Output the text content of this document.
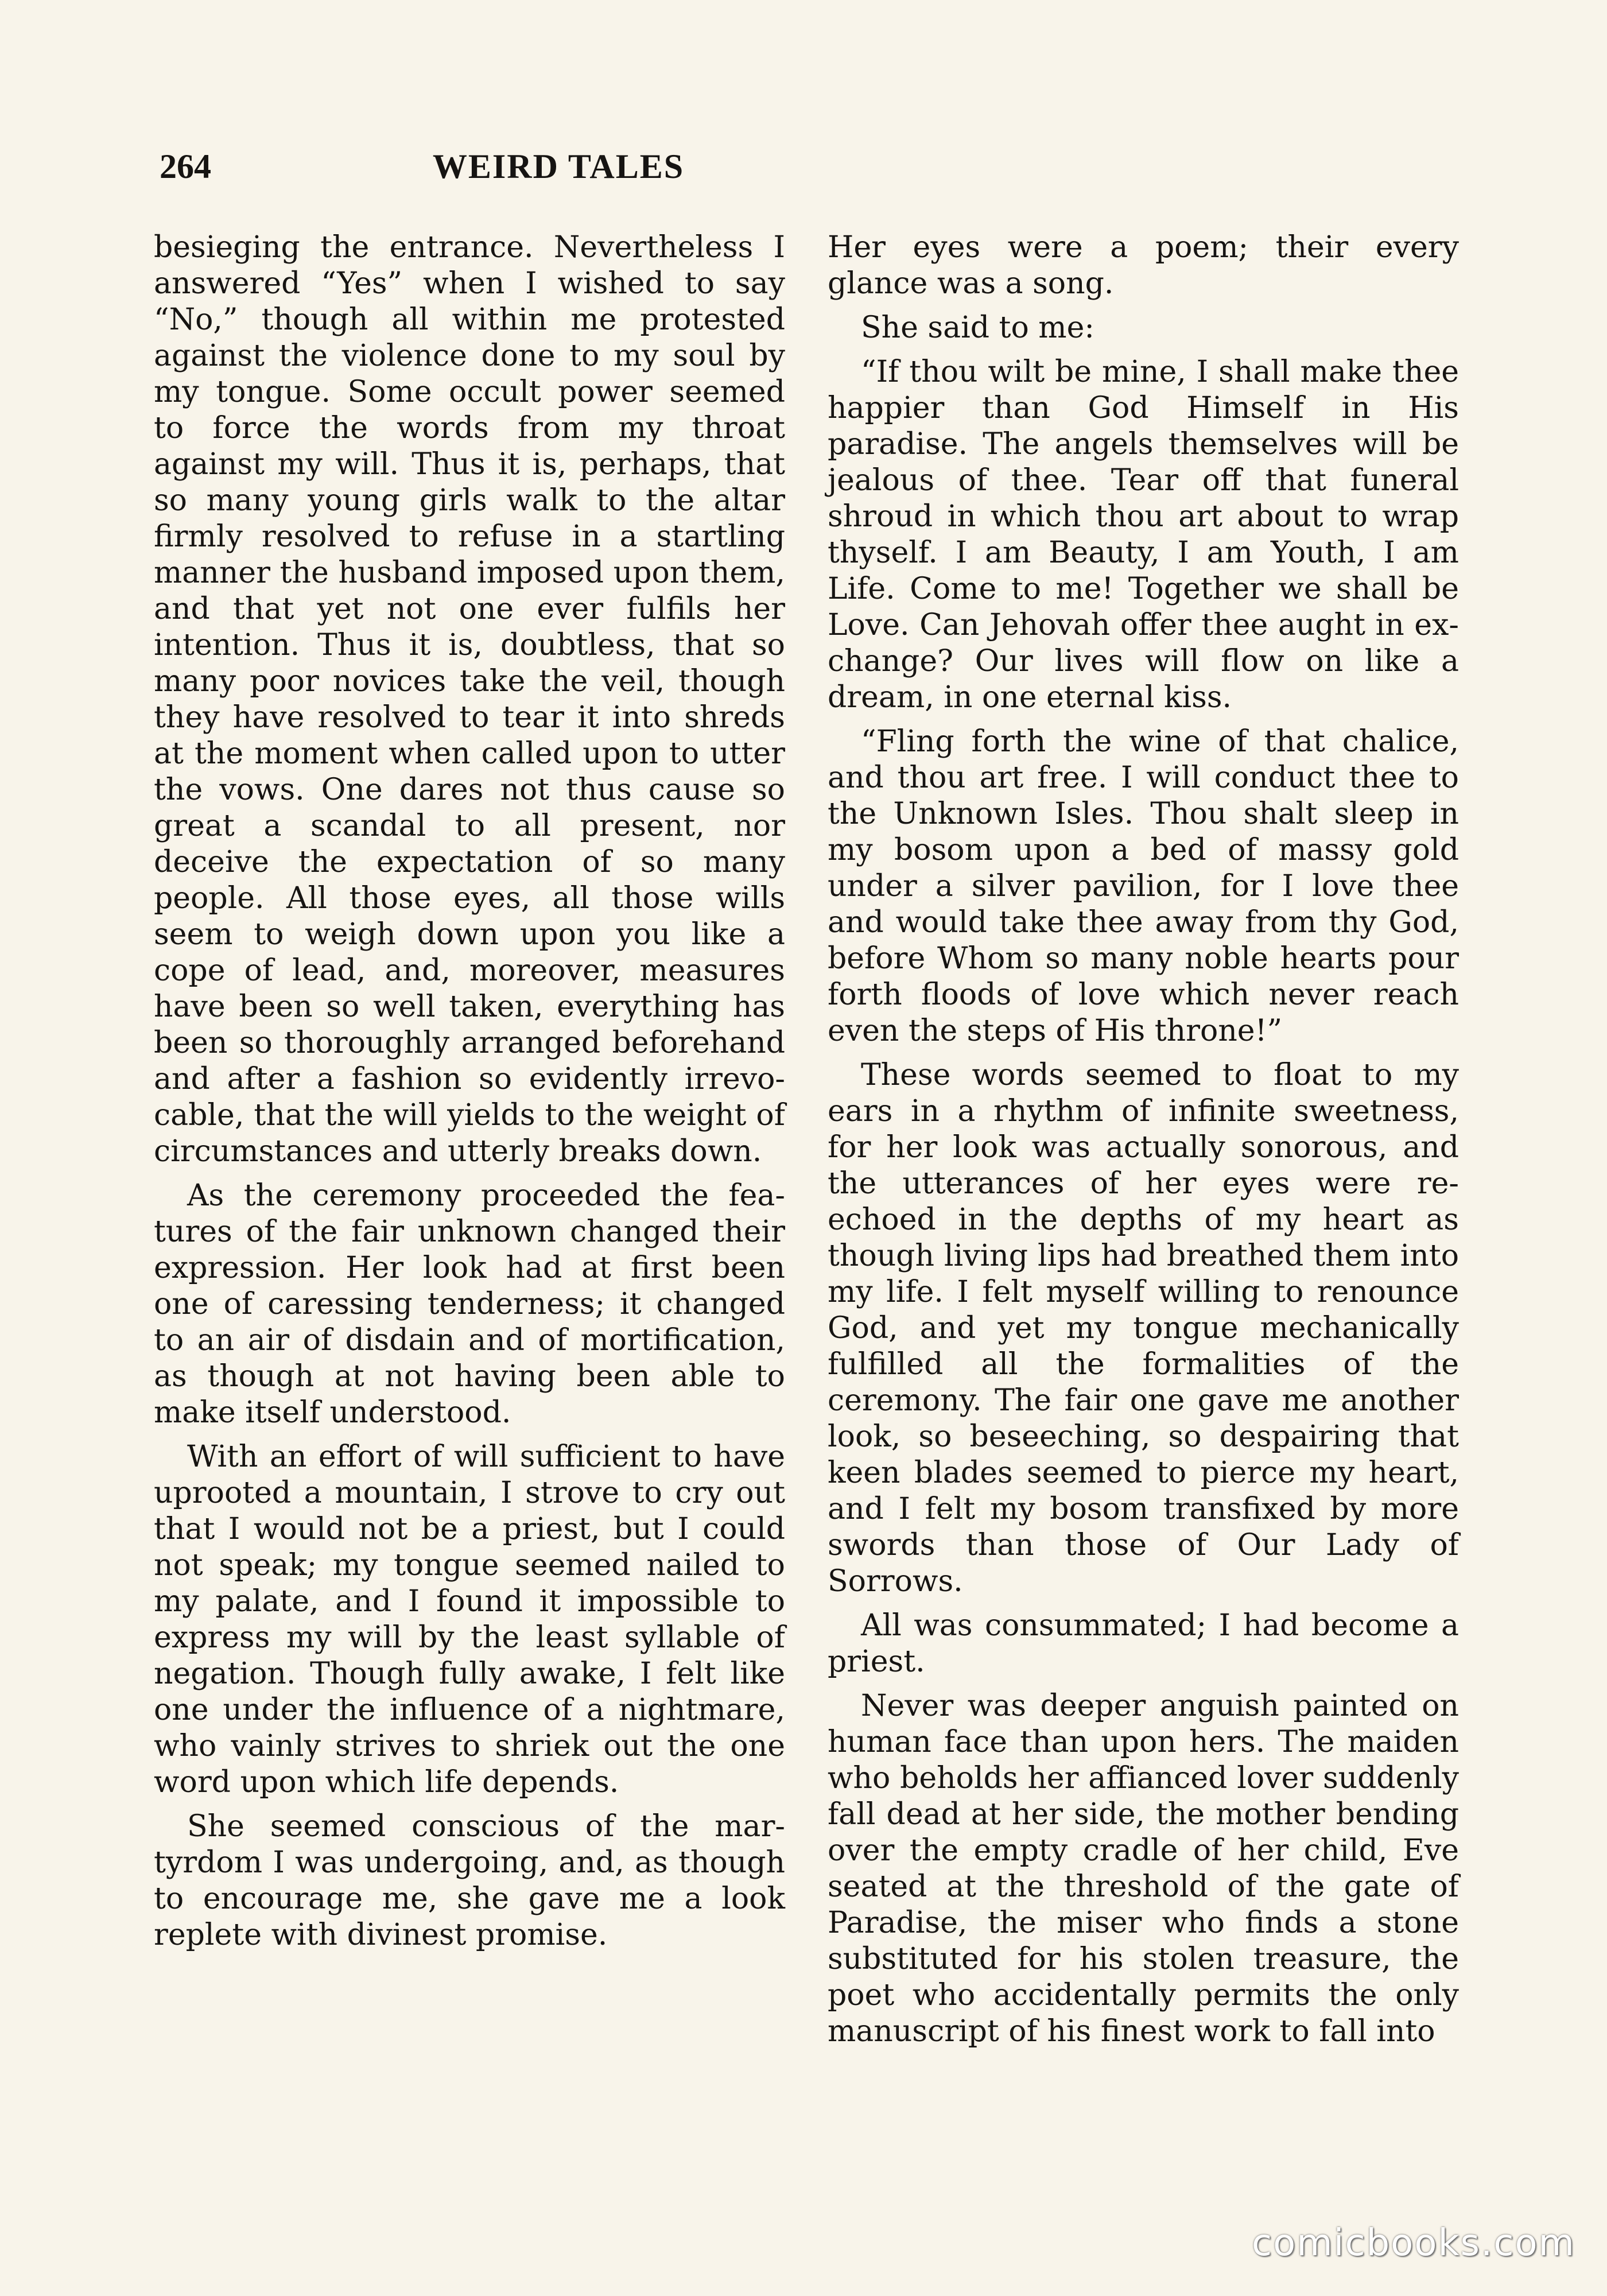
264	WEIRD TALES

besieging the entrance. Nevertheless I answered “Yes” when I wished to say “No,” though all within me protested against the violence done to my soul by my tongue. Some occult power seemed to force the words from my throat against my will. Thus it is, perhaps, that so many young girls walk to the altar firmly resolved to refuse in a startling manner the husband imposed upon them, and that yet not one ever fulfils her intention. Thus it is, doubtless, that so many poor novices take the veil, though they have resolved to tear it into shreds at the moment when called upon to utter the vows. One dares not thus cause so great a scandal to all present, nor deceive the expectation of so many people. All those eyes, all those wills seem to weigh down upon you like a cope of lead, and, moreover, measures have been so well taken, everything has been so thoroughly arranged beforehand and after a fashion so evidently irrevocable, that the will yields to the weight of circumstances and utterly breaks down.

As the ceremony proceeded the features of the fair unknown changed their expression. Her look had at first been one of caressing tenderness; it changed to an air of disdain and of mortification, as though at not having been able to make itself understood.

With an effort of will sufficient to have uprooted a mountain, I strove to cry out that I would not be a priest, but I could not speak; my tongue seemed nailed to my palate, and I found it impossible to express my will by the least syllable of negation. Though fully awake, I felt like one under the influence of a nightmare, who vainly strives to shriek out the one word upon which life depends.

She seemed conscious of the martyrdom I was undergoing, and, as though to encourage me, she gave me a look replete with divinest promise.

Her eyes were a poem; their every glance was a song.

She said to me:

“If thou wilt be mine, I shall make thee happier than God Himself in His paradise. The angels themselves will be jealous of thee. Tear off that funeral shroud in which thou art about to wrap thyself. I am Beauty, I am Youth, I am Life. Come to me! Together we shall be Love. Can Jehovah offer thee aught in exchange? Our lives will flow on like a dream, in one eternal kiss.

“Fling forth the wine of that chalice, and thou art free. I will conduct thee to the Unknown Isles. Thou shalt sleep in my bosom upon a bed of massy gold under a silver pavilion, for I love thee and would take thee away from thy God, before Whom so many noble hearts pour forth floods of love which never reach even the steps of His throne!”

These words seemed to float to my ears in a rhythm of infinite sweetness, for her look was actually sonorous, and the utterances of her eyes were re-echoed in the depths of my heart as though living lips had breathed them into my life. I felt myself willing to renounce God, and yet my tongue mechanically fulfilled all the formalities of the ceremony. The fair one gave me another look, so beseeching, so despairing that keen blades seemed to pierce my heart, and I felt my bosom transfixed by more swords than those of Our Lady of Sorrows.

All was consummated; I had become a priest.

Never was deeper anguish painted on human face than upon hers. The maiden who beholds her affianced lover suddenly fall dead at her side, the mother bending over the empty cradle of her child, Eve seated at the threshold of the gate of Paradise, the miser who finds a stone substituted for his stolen treasure, the poet who accidentally permits the only manuscript of his finest work to fall into

comicbooks.com
